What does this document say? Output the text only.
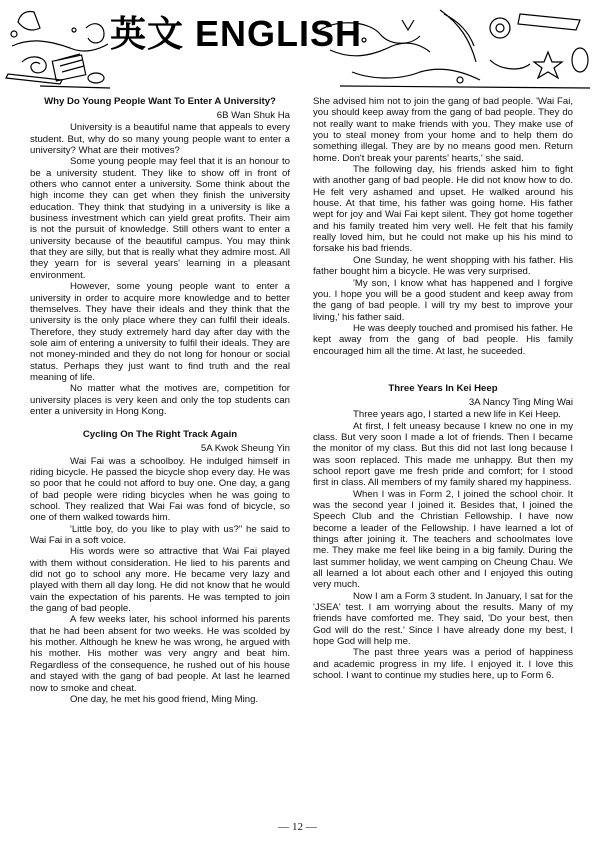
英文 ENGLISH
Why Do Young People Want To Enter A University?
6B Wan Shuk Ha

University is a beautiful name that appeals to every student. But, why do so many young people want to enter a university? What are their motives?

Some young people may feel that it is an honour to be a university student. They like to show off in front of others who cannot enter a university. Some think about the high income they can get when they finish the university education. They think that studying in a university is like a business investment which can yield great profits. Their aim is not the pursuit of knowledge. Still others want to enter a university because of the beautiful campus. You may think that they are silly, but that is really what they admire most. All they yearn for is several years' learning in a pleasant environment.

However, some young people want to enter a university in order to acquire more knowledge and to better themselves. They have their ideals and they think that the university is the only place where they can fulfil their ideals. Therefore, they study extremely hard day after day with the sole aim of entering a university to fulfil their ideals. They are not money-minded and they do not long for honour or social status. Perhaps they just want to find truth and the real meaning of life.

No matter what the motives are, competition for university places is very keen and only the top students can enter a university in Hong Kong.

Cycling On The Right Track Again
5A Kwok Sheung Yin

Wai Fai was a schoolboy. He indulged himself in riding bicycle. He passed the bicycle shop every day. He was so poor that he could not afford to buy one. One day, a gang of bad people were riding bicycles when he was going to school. They realized that Wai Fai was fond of bicycle, so one of them walked towards him.

'Little boy, do you like to play with us?" he said to Wai Fai in a soft voice.

His words were so attractive that Wai Fai played with them without consideration. He lied to his parents and did not go to school any more. He became very lazy and played with them all day long. He did not know that he would vain the expectation of his parents. He was tempted to join the gang of bad people.

A few weeks later, his school informed his parents that he had been absent for two weeks. He was scolded by his mother. Although he knew he was wrong, he argued with his mother. His mother was very angry and beat him. Regardless of the consequence, he rushed out of his house and stayed with the gang of bad people. At last he learned now to smoke and cheat.

One day, he met his good friend, Ming Ming.

She advised him not to join the gang of bad people. 'Wai Fai, you should keep away from the gang of bad people. They do not really want to make friends with you. They make use of you to steal money from your home and to help them do something illegal. They are by no means good men. Return home. Don't break your parents' hearts,' she said.

The following day, his friends asked him to fight with another gang of bad people. He did not know how to do. He felt very ashamed and upset. He walked around his house. At that time, his father was going home. His father wept for joy and Wai Fai kept silent. They got home together and his family treated him very well. He felt that his family really loved him, but he could not make up his his mind to forsake his bad friends.

One Sunday, he went shopping with his father. His father bought him a bicycle. He was very surprised.

'My son, I know what has happened and I forgive you. I hope you will be a good student and keep away from the gang of bad people. I will try my best to improve your living,' his father said.

He was deeply touched and promised his father. He kept away from the gang of bad people. His family encouraged him all the time. At last, he suceeded.

Three Years In Kei Heep
3A Nancy Ting Ming Wai

Three years ago, I started a new life in Kei Heep.

At first, I felt uneasy because I knew no one in my class. But very soon I made a lot of friends. Then I became the monitor of my class. But this did not last long because I was soon replaced. This made me unhappy. But then my school report gave me fresh pride and comfort; for I stood first in class. All members of my family shared my happiness.

When I was in Form 2, I joined the school choir. It was the second year I joined it. Besides that, I joined the Speech Club and the Christian Fellowship. I have now become a leader of the Fellowship. I have learned a lot of things after joining it. The teachers and schoolmates love me. They make me feel like being in a big family. During the last summer holiday, we went camping on Cheung Chau. We all learned a lot about each other and I enjoyed this outing very much.

Now I am a Form 3 student. In January, I sat for the 'JSEA' test. I am worrying about the results. Many of my friends have comforted me. They said, 'Do your best, then God will do the rest.' Since I have already done my best, I hope God will help me.

The past three years was a period of happiness and academic progress in my life. I enjoyed it. I love this school. I want to continue my studies here, up to Form 6.

— 12 —
